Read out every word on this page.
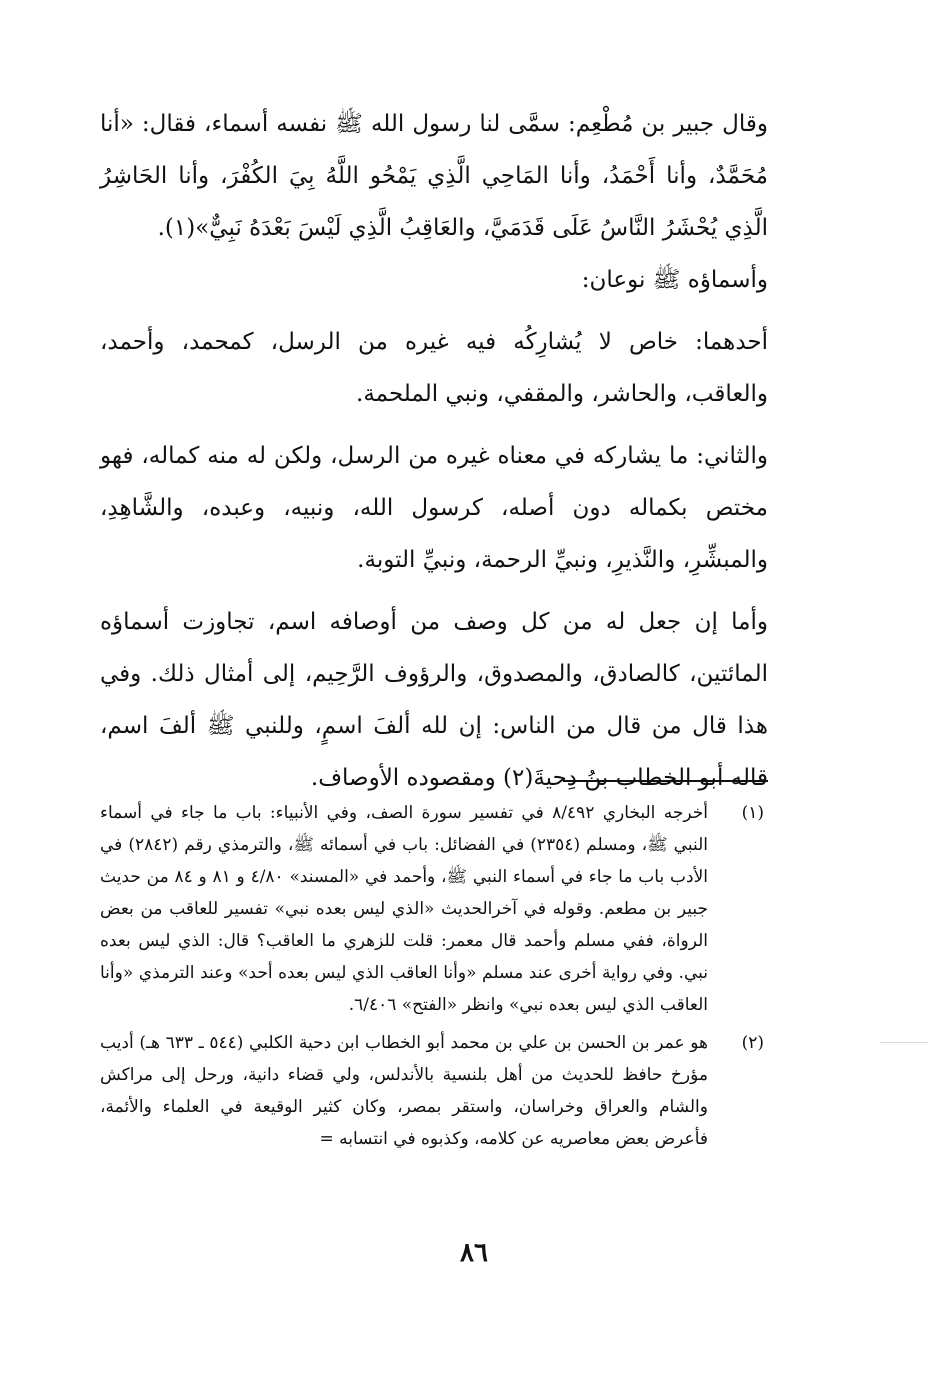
وقال جبير بن مُطْعِم: سمَّى لنا رسول الله ﷺ نفسه أسماء، فقال: «أنا مُحَمَّدٌ، وأنا أَحْمَدُ، وأنا المَاحِي الَّذِي يَمْحُو اللَّهُ بِيَ الكُفْرَ، وأنا الحَاشِرُ الَّذِي يُحْشَرُ النَّاسُ عَلَى قَدَمَيَّ، والعَاقِبُ الَّذِي لَيْسَ بَعْدَهُ نَبِيٌّ»(١).

وأسماؤه ﷺ نوعان:

أحدهما: خاص لا يُشارِكُه فيه غيره من الرسل، كمحمد، وأحمد، والعاقب، والحاشر، والمقفي، ونبي الملحمة.

والثاني: ما يشاركه في معناه غيره من الرسل، ولكن له منه كماله، فهو مختص بكماله دون أصله، كرسول الله، ونبيه، وعبده، والشَّاهِدِ، والمبشِّرِ، والنَّذيرِ، ونبيِّ الرحمة، ونبيِّ التوبة.

وأما إن جعل له من كل وصف من أوصافه اسم، تجاوزت أسماؤه المائتين، كالصادق، والمصدوق، والرؤوف الرَّحِيم، إلى أمثال ذلك. وفي هذا قال من قال من الناس: إن لله ألفَ اسمٍ، وللنبي ﷺ ألفَ اسم، قاله أبو الخطاب بنُ دِحيةَ(٢) ومقصوده الأوصاف.

(١)
أخرجه البخاري ٨/٤٩٢ في تفسير سورة الصف، وفي الأنبياء: باب ما جاء في أسماء النبي ﷺ، ومسلم (٢٣٥٤) في الفضائل: باب في أسمائه ﷺ، والترمذي رقم (٢٨٤٢) في الأدب باب ما جاء في أسماء النبي ﷺ، وأحمد في «المسند» ٤/٨٠ و ٨١ و ٨٤ من حديث جبير بن مطعم. وقوله في آخرالحديث «الذي ليس بعده نبي» تفسير للعاقب من بعض الرواة، ففي مسلم وأحمد قال معمر: قلت للزهري ما العاقب؟ قال: الذي ليس بعده نبي. وفي رواية أخرى عند مسلم «وأنا العاقب الذي ليس بعده أحد» وعند الترمذي «وأنا العاقب الذي ليس بعده نبي» وانظر «الفتح» ٦/٤٠٦.
(٢)
هو عمر بن الحسن بن علي بن محمد أبو الخطاب ابن دحية الكلبي (٥٤٤ ـ ٦٣٣ هـ) أديب مؤرخ حافظ للحديث من أهل بلنسية بالأندلس، ولي قضاء دانية، ورحل إلى مراكش والشام والعراق وخراسان، واستقر بمصر، وكان كثير الوقيعة في العلماء والأئمة، فأعرض بعض معاصريه عن كلامه، وكذبوه في انتسابه =
٨٦
